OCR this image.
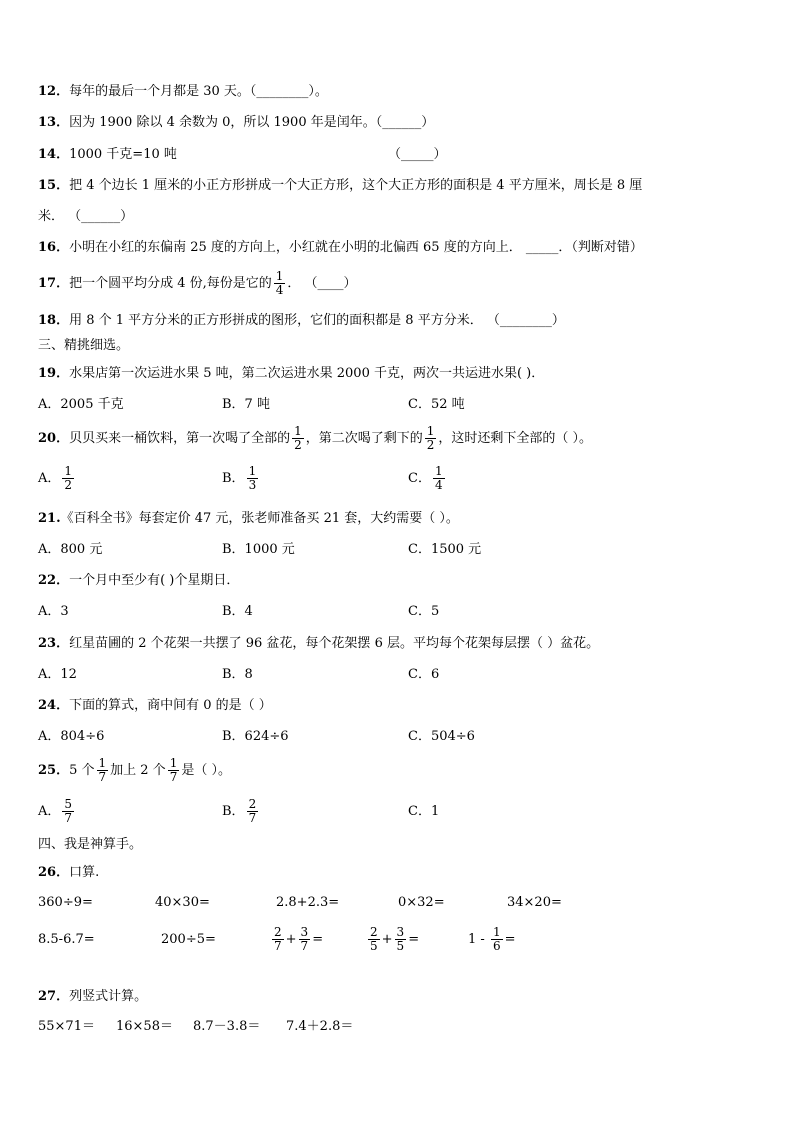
12．每年的最后一个月都是 30 天。（________）。
13．因为 1900 除以 4 余数为 0，所以 1900 年是闰年。（______）
14．1000 千克=10 吨	（_____）
15．把 4 个边长 1 厘米的小正方形拼成一个大正方形，这个大正方形的面积是 4 平方厘米，周长是 8 厘
米． （______）
16．小明在小红的东偏南 25 度的方向上，小红就在小明的北偏西 65 度的方向上． _____．（判断对错）
17．把一个圆平均分成 4 份,每份是它的 $\frac{1}{4}$ ． （____）
18．用 8 个 1 平方分米的正方形拼成的图形，它们的面积都是 8 平方分米． （________）
三、精挑细选。
19．水果店第一次运进水果 5 吨，第二次运进水果 2000 千克，两次一共运进水果( )．
A．2005 千克	B．7 吨	C．52 吨
20．贝贝买来一桶饮料，第一次喝了全部的 $\frac{1}{2}$ ，第二次喝了剩下的 $\frac{1}{2}$ ，这时还剩下全部的（ ）。
A． $\frac{1}{2}$	B． $\frac{1}{3}$	C． $\frac{1}{4}$
21.《百科全书》每套定价 47 元，张老师准备买 21 套，大约需要（ ）。
A．800 元	B．1000 元	C．1500 元
22．一个月中至少有( )个星期日．
A．3	B．4	C．5
23．红星苗圃的 2 个花架一共摆了 96 盆花，每个花架摆 6 层。平均每个花架每层摆（ ）盆花。
A．12	B．8	C．6
24．下面的算式，商中间有 0 的是（ ）
A．804÷6	B．624÷6	C．504÷6
25．5 个 $\frac{1}{7}$ 加上 2 个 $\frac{1}{7}$ 是（ ）。
A． $\frac{5}{7}$	B． $\frac{2}{7}$	C．1
四、我是神算手。
26．口算.
360÷9=	40×30=	2.8+2.3=	0×32=	34×20=
8.5-6.7=	200÷5=	$\frac{2}{7} + \frac{3}{7}$ =	$\frac{2}{5} + \frac{3}{5}$ =	$1 - \frac{1}{6}$ =
27．列竖式计算。
55×71＝ 16×58＝ 8.7－3.8＝ 7.4＋2.8＝
